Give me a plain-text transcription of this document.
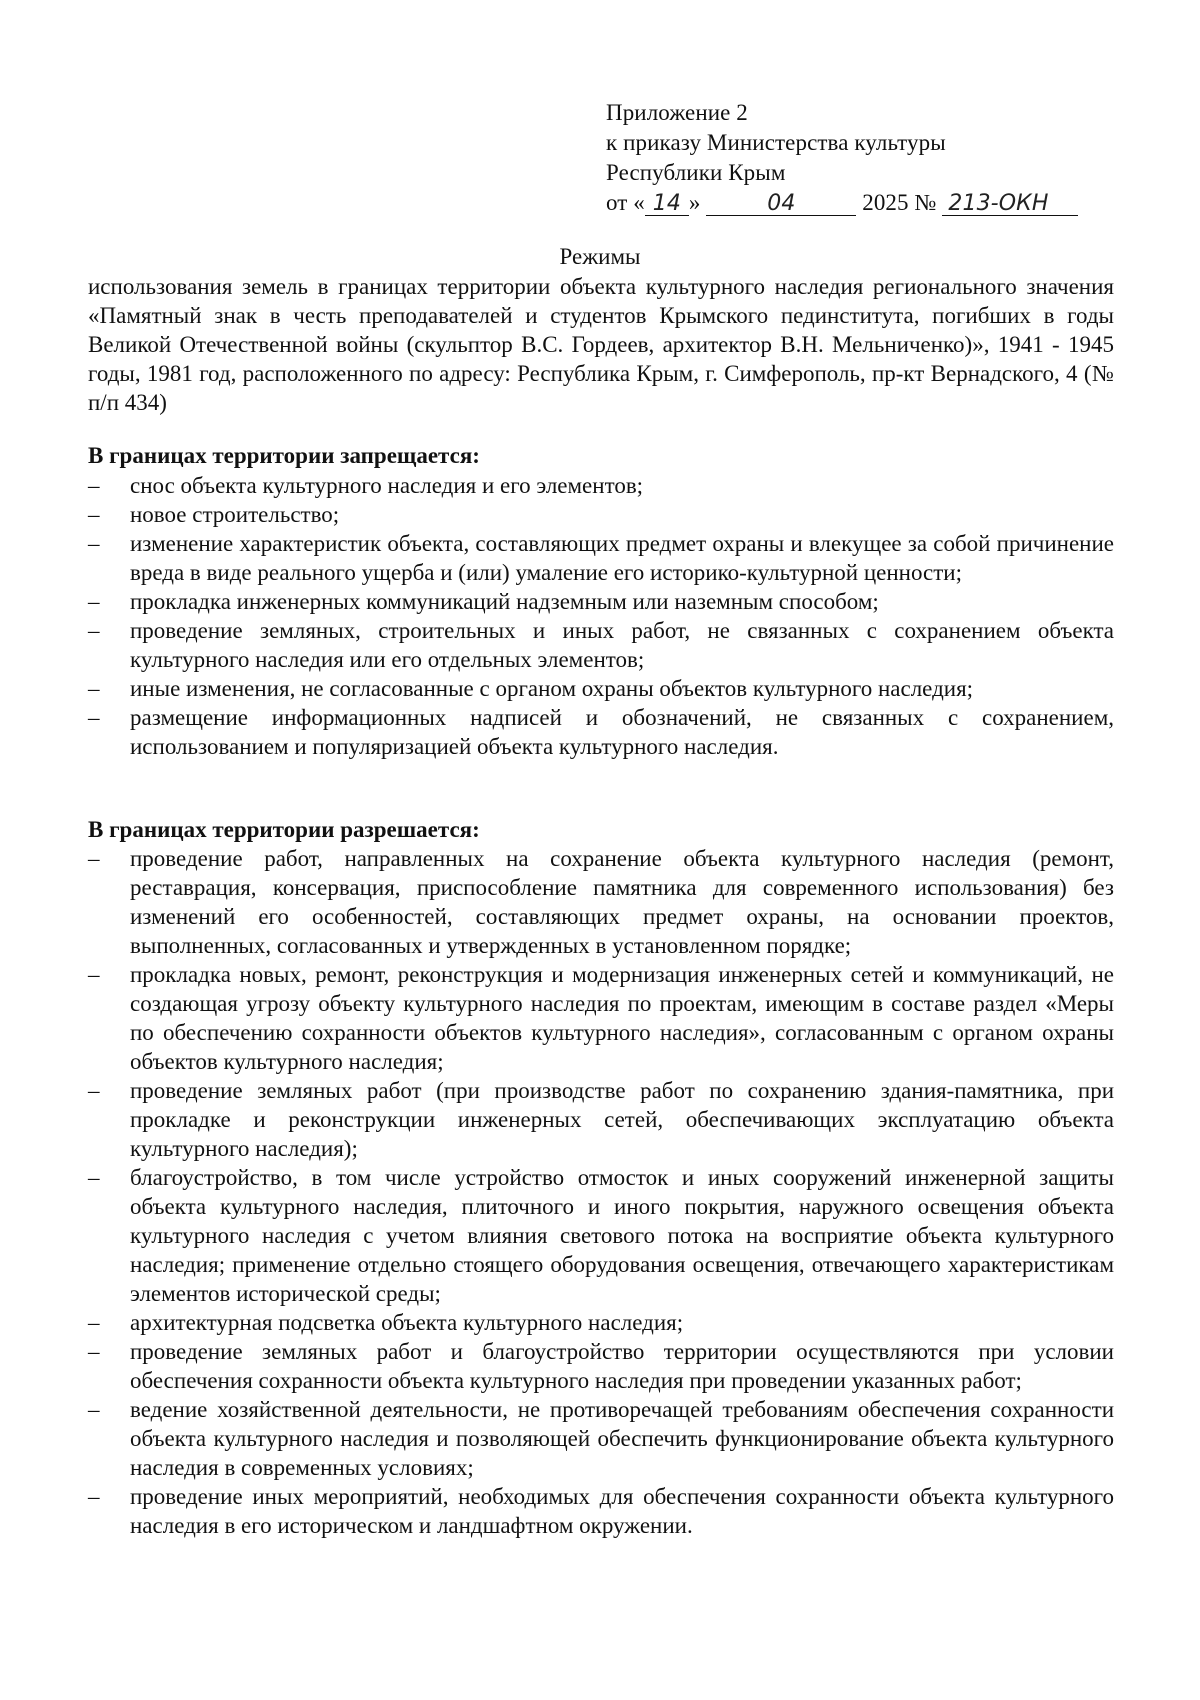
Приложение 2
к приказу Министерства культуры
Республики Крым
от « 14 »	04	2025 № 213-ОКН
Режимы
использования земель в границах территории объекта культурного наследия регионального значения «Памятный знак в честь преподавателей и студентов Крымского пединститута, погибших в годы Великой Отечественной войны (скульптор В.С. Гордеев, архитектор В.Н. Мельниченко)», 1941 - 1945 годы, 1981 год, расположенного по адресу: Республика Крым, г. Симферополь, пр-кт Вернадского, 4 (№ п/п 434)
В границах территории запрещается:
–	снос объекта культурного наследия и его элементов;
–	новое строительство;
–	изменение характеристик объекта, составляющих предмет охраны и влекущее за собой причинение вреда в виде реального ущерба и (или) умаление его историко-культурной ценности;
–	прокладка инженерных коммуникаций надземным или наземным способом;
–	проведение земляных, строительных и иных работ, не связанных с сохранением объекта культурного наследия или его отдельных элементов;
–	иные изменения, не согласованные с органом охраны объектов культурного наследия;
–	размещение информационных надписей и обозначений, не связанных с сохранением, использованием и популяризацией объекта культурного наследия.
В границах территории разрешается:
–	проведение работ, направленных на сохранение объекта культурного наследия (ремонт, реставрация, консервация, приспособление памятника для современного использования) без изменений его особенностей, составляющих предмет охраны, на основании проектов, выполненных, согласованных и утвержденных в установленном порядке;
–	прокладка новых, ремонт, реконструкция и модернизация инженерных сетей и коммуникаций, не создающая угрозу объекту культурного наследия по проектам, имеющим в составе раздел «Меры по обеспечению сохранности объектов культурного наследия», согласованным с органом охраны объектов культурного наследия;
–	проведение земляных работ (при производстве работ по сохранению здания-памятника, при прокладке и реконструкции инженерных сетей, обеспечивающих эксплуатацию объекта культурного наследия);
–	благоустройство, в том числе устройство отмосток и иных сооружений инженерной защиты объекта культурного наследия, плиточного и иного покрытия, наружного освещения объекта культурного наследия с учетом влияния светового потока на восприятие объекта культурного наследия; применение отдельно стоящего оборудования освещения, отвечающего характеристикам элементов исторической среды;
–	архитектурная подсветка объекта культурного наследия;
–	проведение земляных работ и благоустройство территории осуществляются при условии обеспечения сохранности объекта культурного наследия при проведении указанных работ;
–	ведение хозяйственной деятельности, не противоречащей требованиям обеспечения сохранности объекта культурного наследия и позволяющей обеспечить функционирование объекта культурного наследия в современных условиях;
–	проведение иных мероприятий, необходимых для обеспечения сохранности объекта культурного наследия в его историческом и ландшафтном окружении.
